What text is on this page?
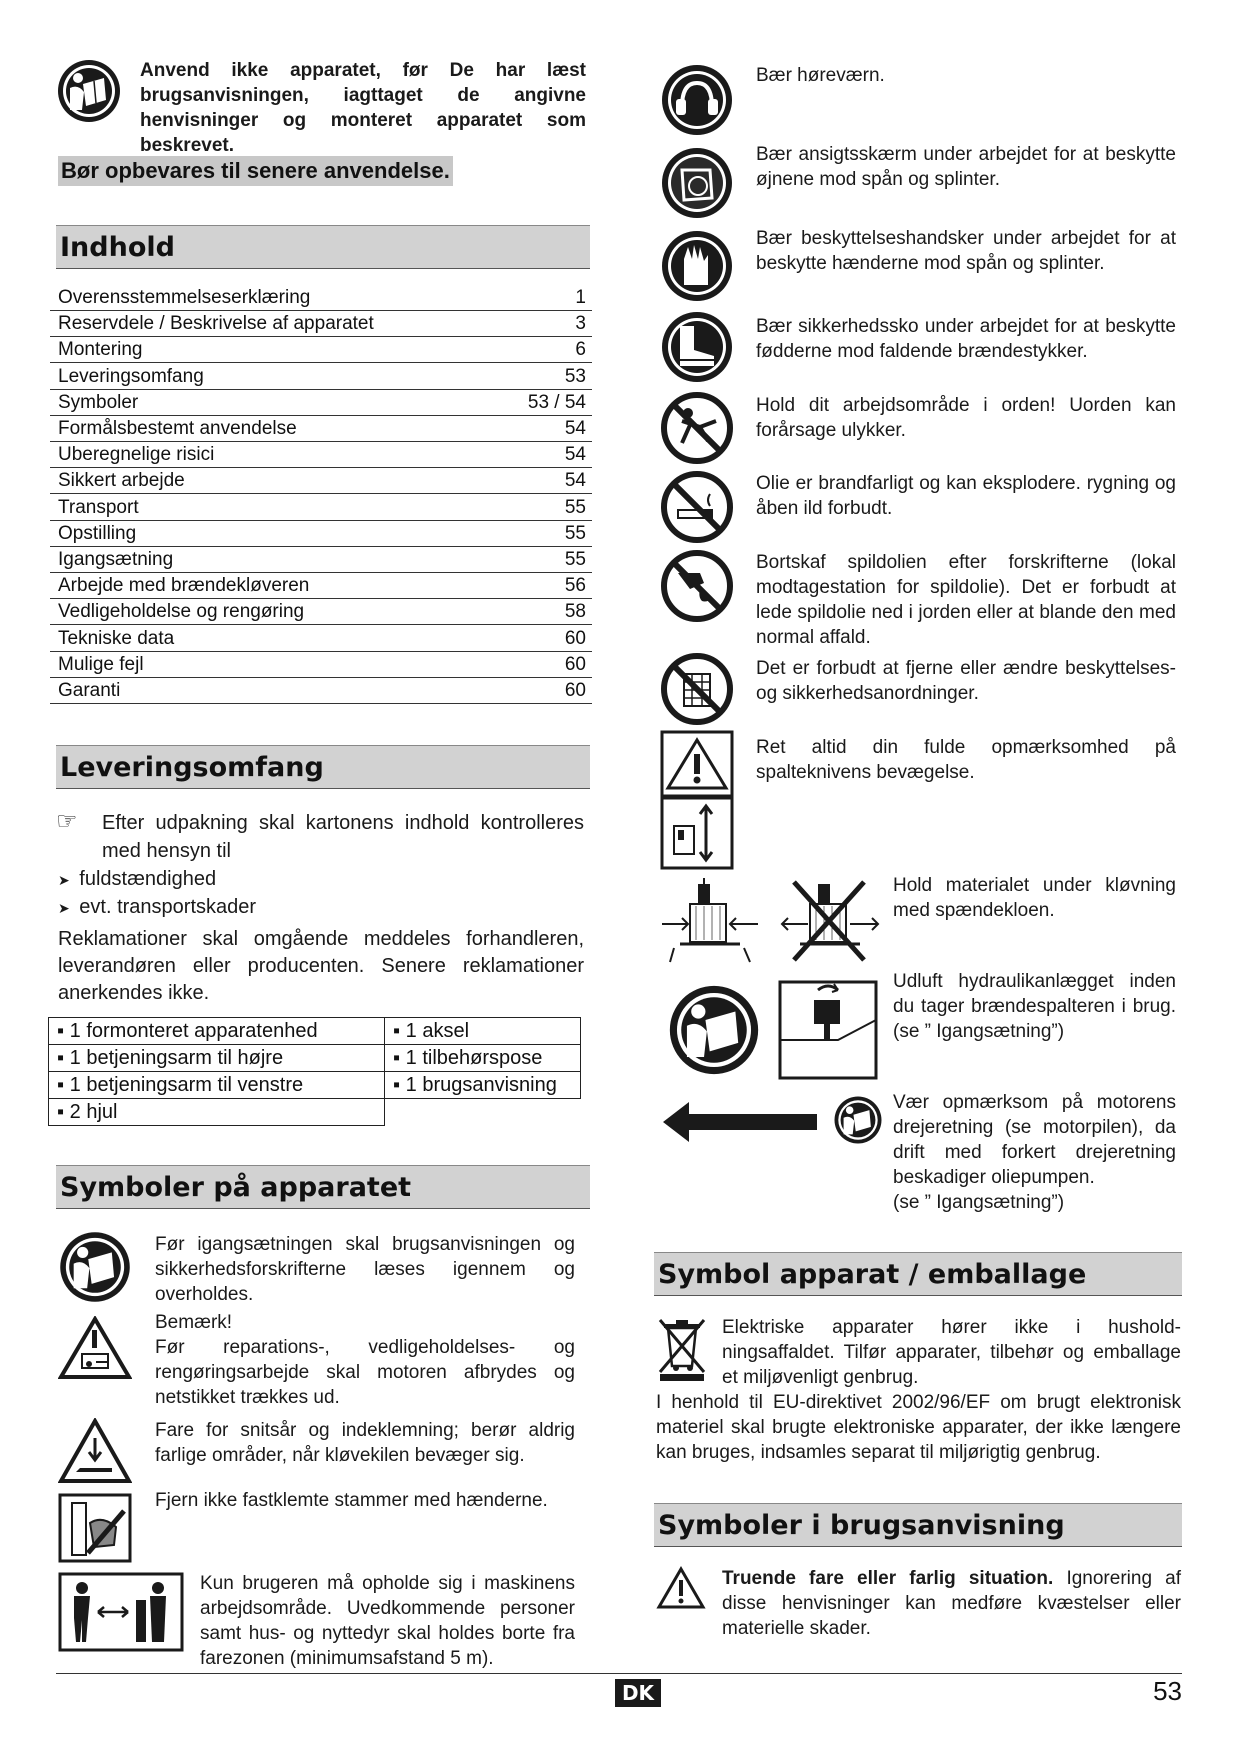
Anvend ikke apparatet, før De har læst brugsanvisningen, iagttaget de angivne henvisninger og monteret apparatet som beskrevet.
Bør opbevares til senere anvendelse.
Indhold
Overensstemmelseserklæring	1
Reservdele / Beskrivelse af apparatet	3
Montering	6
Leveringsomfang	53
Symboler	53 / 54
Formålsbestemt anvendelse	54
Uberegnelige risici	54
Sikkert arbejde	54
Transport	55
Opstilling	55
Igangsætning	55
Arbejde med brændekløveren	56
Vedligeholdelse og rengøring	58
Tekniske data	60
Mulige fejl	60
Garanti	60
Leveringsomfang
☞ Efter udpakning skal kartonens indhold kontrolleres med hensyn til
➤ fuldstændighed
➤ evt. transportskader
Reklamationer skal omgående meddeles forhandleren, leverandøren eller producenten. Senere reklamationer anerkendes ikke.
▪ 1 formonteret apparatenhed	▪ 1 aksel
▪ 1 betjeningsarm til højre	▪ 1 tilbehørspose
▪ 1 betjeningsarm til venstre	▪ 1 brugsanvisning
▪ 2 hjul	
Symboler på apparatet
Før igangsætningen skal brugsanvisningen og sikkerhedsforskrifterne læses igennem og overholdes.
Bemærk!
Før reparations-, vedligeholdelses- og rengøringsarbejde skal motoren afbrydes og netstikket trækkes ud.
Fare for snitsår og indeklemning; berør aldrig farlige områder, når kløvekilen bevæger sig.
Fjern ikke fastklemte stammer med hænderne.
Kun brugeren må opholde sig i maskinens arbejdsområde. Uvedkommende personer samt hus- og nyttedyr skal holdes borte fra farezonen (minimumsafstand 5 m).
Bær høreværn.
Bær ansigtsskærm under arbejdet for at beskytte øjnene mod spån og splinter.
Bær beskyttelseshandsker under arbejdet for at beskytte hænderne mod spån og splinter.
Bær sikkerhedssko under arbejdet for at beskytte fødderne mod faldende brændestykker.
Hold dit arbejdsområde i orden! Uorden kan forårsage ulykker.
Olie er brandfarligt og kan eksplodere. rygning og åben ild forbudt.
Bortskaf spildolien efter forskrifterne (lokal modtagestation for spildolie). Det er forbudt at lede spildolie ned i jorden eller at blande den med normal affald.
Det er forbudt at fjerne eller ændre beskyttelses- og sikkerhedsanordninger.
Ret altid din fulde opmærksomhed på spalteknivens bevægelse.
Hold materialet under kløvning med spændekloen.
Udluft hydraulikanlægget inden du tager brændespalteren i brug. (se ” Igangsætning”)
Vær opmærksom på motorens drejeretning (se motorpilen), da drift med forkert drejeretning beskadiger oliepumpen.
(se ” Igangsætning”)
Symbol apparat / emballage
Elektriske apparater hører ikke i hushold-ningsaffaldet. Tilfør apparater, tilbehør og emballage et miljøvenligt genbrug.
I henhold til EU-direktivet 2002/96/EF om brugt elektronisk materiel skal brugte elektroniske apparater, der ikke længere kan bruges, indsamles separat til miljørigtig genbrug.
Symboler i brugsanvisning
Truende fare eller farlig situation. Ignorering af disse henvisninger kan medføre kvæstelser eller materielle skader.
DK	53
